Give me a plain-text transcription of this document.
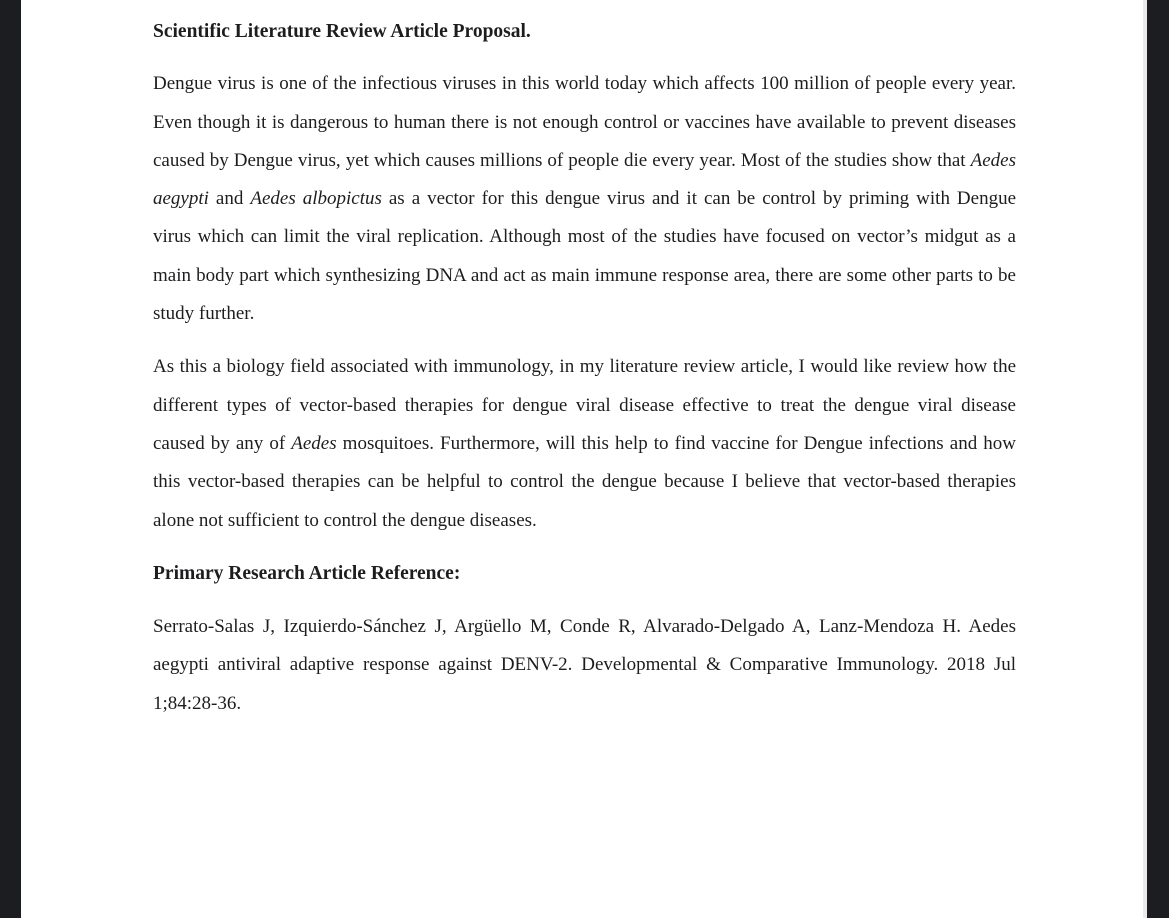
Scientific Literature Review Article Proposal.

Dengue virus is one of the infectious viruses in this world today which affects 100 million of people every year. Even though it is dangerous to human there is not enough control or vaccines have available to prevent diseases caused by Dengue virus, yet which causes millions of people die every year. Most of the studies show that Aedes aegypti and Aedes albopictus as a vector for this dengue virus and it can be control by priming with Dengue virus which can limit the viral replication. Although most of the studies have focused on vector’s midgut as a main body part which synthesizing DNA and act as main immune response area, there are some other parts to be study further.

As this a biology field associated with immunology, in my literature review article, I would like review how the different types of vector-based therapies for dengue viral disease effective to treat the dengue viral disease caused by any of Aedes mosquitoes. Furthermore, will this help to find vaccine for Dengue infections and how this vector-based therapies can be helpful to control the dengue because I believe that vector-based therapies alone not sufficient to control the dengue diseases.

Primary Research Article Reference:

Serrato-Salas J, Izquierdo-Sánchez J, Argüello M, Conde R, Alvarado-Delgado A, Lanz-Mendoza H. Aedes aegypti antiviral adaptive response against DENV-2. Developmental & Comparative Immunology. 2018 Jul 1;84:28-36.
